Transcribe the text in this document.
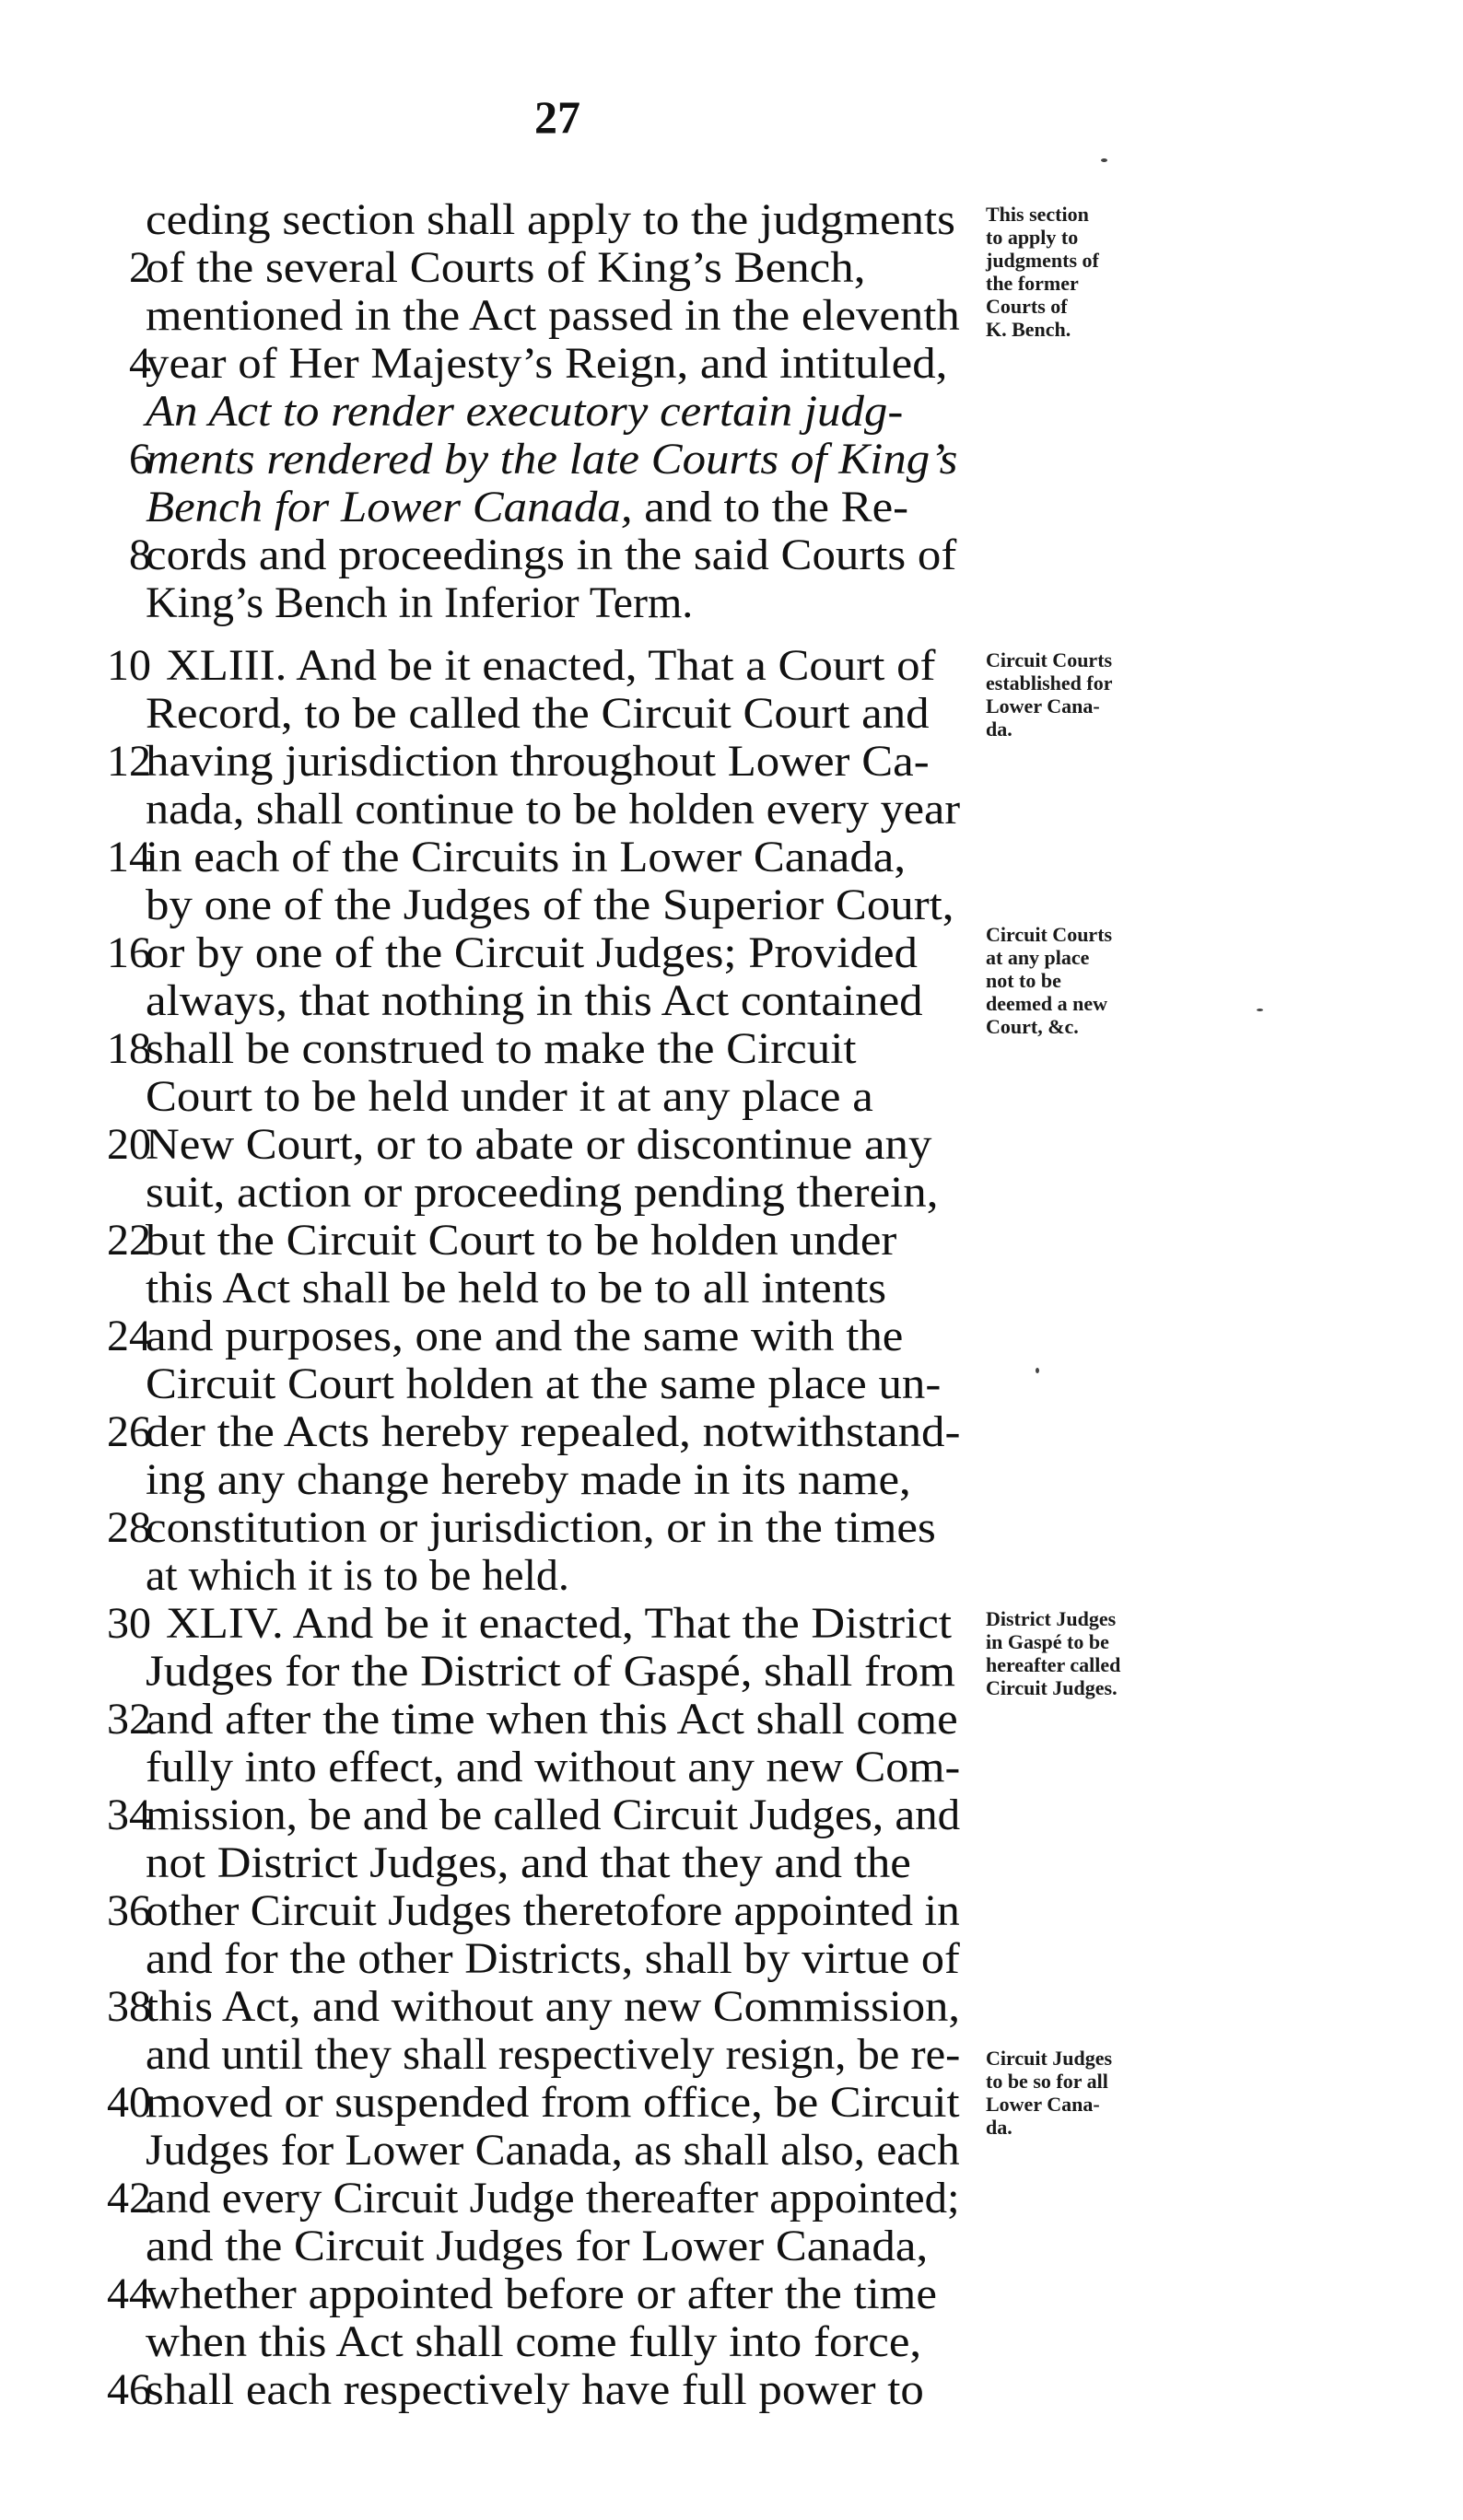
27
ceding section shall apply to the judgments
2
of the several Courts of King’s Bench,
mentioned in the Act passed in the eleventh
4
year of Her Majesty’s Reign, and intituled,
An Act to render executory certain judg-
6
ments rendered by the late Courts of King’s
Bench for Lower Canada, and to the Re-
8
cords and proceedings in the said Courts of
King’s Bench in Inferior Term.
10 XLIII. And be it enacted, That a Court of
Record, to be called the Circuit Court and
12
having jurisdiction throughout Lower Ca-
nada, shall continue to be holden every year
14
in each of the Circuits in Lower Canada,
by one of the Judges of the Superior Court,
16
or by one of the Circuit Judges; Provided
always, that nothing in this Act contained
18
shall be construed to make the Circuit
Court to be held under it at any place a
20
New Court, or to abate or discontinue any
suit, action or proceeding pending therein,
22
but the Circuit Court to be holden under
this Act shall be held to be to all intents
24
and purposes, one and the same with the
Circuit Court holden at the same place un-
26
der the Acts hereby repealed, notwithstand-
ing any change hereby made in its name,
28
constitution or jurisdiction, or in the times
at which it is to be held.
30 XLIV. And be it enacted, That the District
Judges for the District of Gaspé, shall from
32
and after the time when this Act shall come
fully into effect, and without any new Com-
34
mission, be and be called Circuit Judges, and
not District Judges, and that they and the
36
other Circuit Judges theretofore appointed in
and for the other Districts, shall by virtue of
38
this Act, and without any new Commission,
and until they shall respectively resign, be re-
40
moved or suspended from office, be Circuit
Judges for Lower Canada, as shall also, each
42
and every Circuit Judge thereafter appointed;
and the Circuit Judges for Lower Canada,
44
whether appointed before or after the time
when this Act shall come fully into force,
46
shall each respectively have full power to
This section
to apply to
judgments of
the former
Courts of
K. Bench.
Circuit Courts
established for
Lower Cana-
da.
Circuit Courts
at any place
not to be
deemed a new
Court, &c.
District Judges
in Gaspé to be
hereafter called
Circuit Judges.
Circuit Judges
to be so for all
Lower Cana-
da.
